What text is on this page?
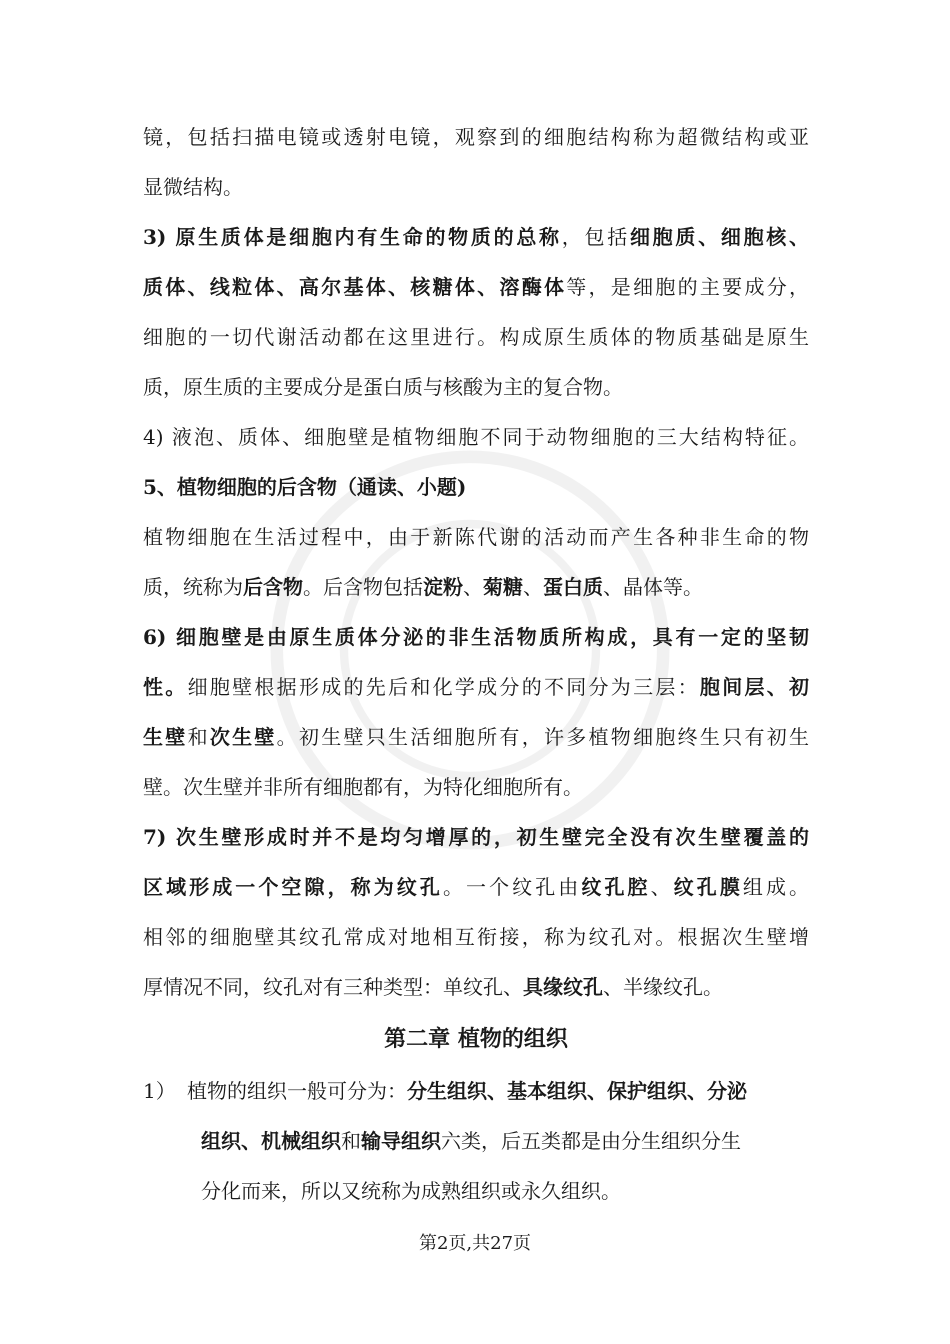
镜，包括扫描电镜或透射电镜，观察到的细胞结构称为超微结构或亚
显微结构。
3) 原生质体是细胞内有生命的物质的总称，包括细胞质、细胞核、
质体、线粒体、高尔基体、核糖体、溶酶体等，是细胞的主要成分，
细胞的一切代谢活动都在这里进行。构成原生质体的物质基础是原生
质，原生质的主要成分是蛋白质与核酸为主的复合物。
4) 液泡、质体、细胞壁是植物细胞不同于动物细胞的三大结构特征。
5、植物细胞的后含物（通读、小题)
植物细胞在生活过程中，由于新陈代谢的活动而产生各种非生命的物
质，统称为后含物。后含物包括淀粉、菊糖、蛋白质、晶体等。
6) 细胞壁是由原生质体分泌的非生活物质所构成，具有一定的坚韧
性。细胞壁根据形成的先后和化学成分的不同分为三层：胞间层、初
生壁和次生壁。初生壁只生活细胞所有，许多植物细胞终生只有初生
壁。次生壁并非所有细胞都有，为特化细胞所有。
7) 次生壁形成时并不是均匀增厚的，初生壁完全没有次生壁覆盖的
区域形成一个空隙，称为纹孔。一个纹孔由纹孔腔、纹孔膜组成。
相邻的细胞壁其纹孔常成对地相互衔接，称为纹孔对。根据次生壁增
厚情况不同，纹孔对有三种类型：单纹孔、具缘纹孔、半缘纹孔。
第二章 植物的组织
1） 植物的组织一般可分为：分生组织、基本组织、保护组织、分泌
组织、机械组织和输导组织六类，后五类都是由分生组织分生
分化而来，所以又统称为成熟组织或永久组织。
第2页,共27页
